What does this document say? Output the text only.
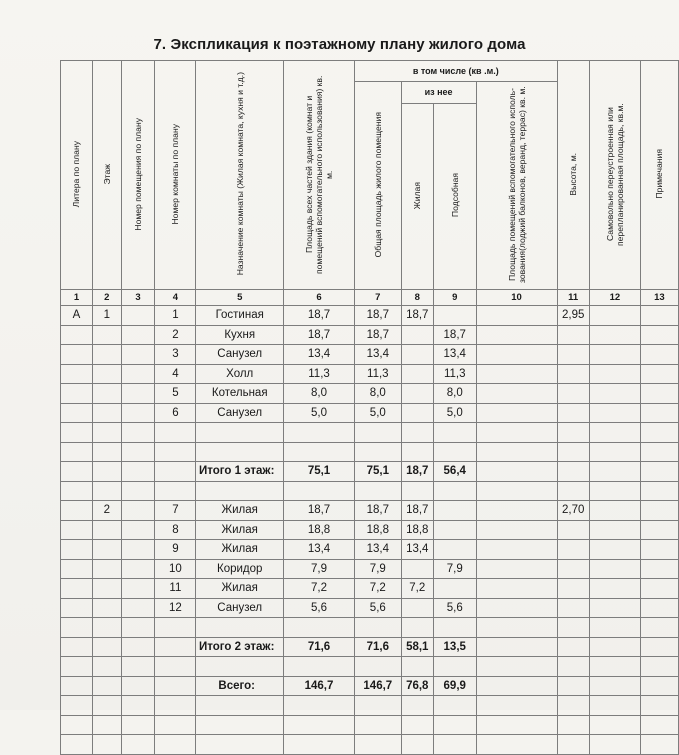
7. Экспликация к поэтажному плану жилого дома
Литера по плану	Этаж	Номер помещения по плану	Номер комнаты по плану	Назначение комнаты (Жилая комната, кухня и т.д.)	Площадь всех частей здания (комнат и помещений вспомогательного использования) кв. м.	в том числе (кв .м.)				Высота, м.	Самовольно переустроенная или перепланированная площадь, кв.м.	Примечания
						Общая площадь жилого помещения	из нее		Площадь помещений вспомогательного исполь-зования(лоджий балконов, веранд, террас) кв. м.			
							Жилая	Подсобная				
1	2	3	4	5	6	7	8	9	10	11	12	13
А	1		1	Гостиная	18,7	18,7	18,7			2,95		
			2	Кухня	18,7	18,7		18,7				
			3	Санузел	13,4	13,4		13,4				
			4	Холл	11,3	11,3		11,3				
			5	Котельная	8,0	8,0		8,0				
			6	Санузел	5,0	5,0		5,0				

				Итого 1 этаж:	75,1	75,1	18,7	56,4				

	2		7	Жилая	18,7	18,7	18,7			2,70		
			8	Жилая	18,8	18,8	18,8					
			9	Жилая	13,4	13,4	13,4					
			10	Коридор	7,9	7,9		7,9				
			11	Жилая	7,2	7,2	7,2					
			12	Санузел	5,6	5,6		5,6				

				Итого 2 этаж:	71,6	71,6	58,1	13,5				

				Всего:	146,7	146,7	76,8	69,9				
